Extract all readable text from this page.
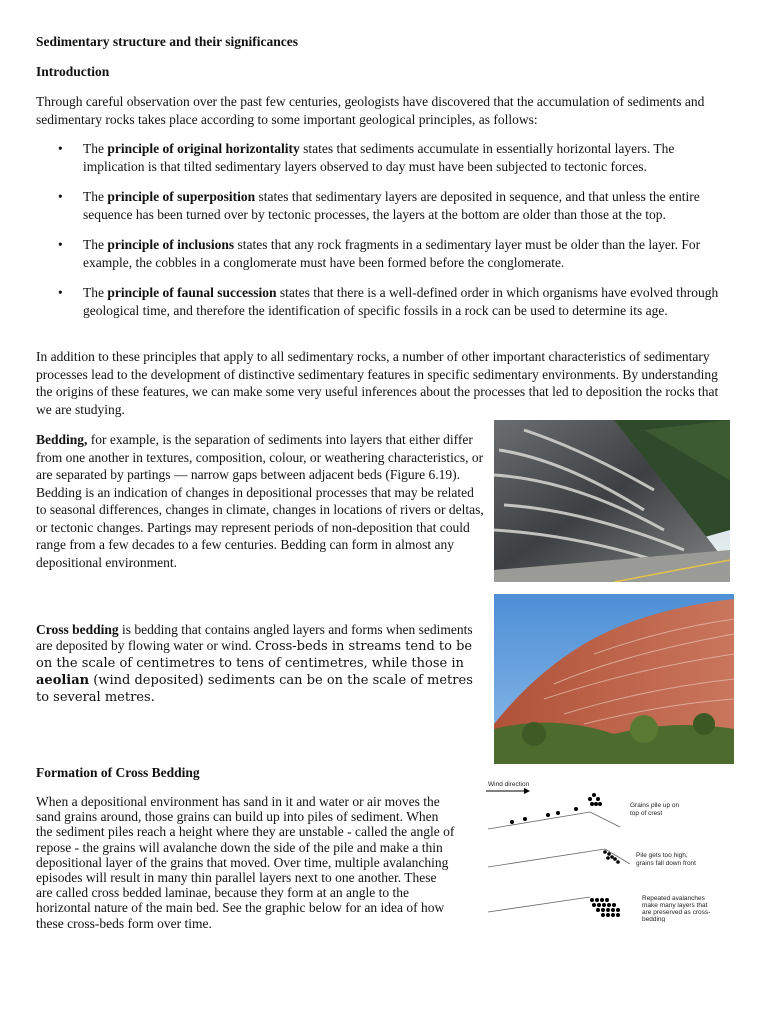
Sedimentary structure and their significances
Introduction
Through careful observation over the past few centuries, geologists have discovered that the accumulation of sediments and sedimentary rocks takes place according to some important geological principles, as follows:
• The principle of original horizontality states that sediments accumulate in essentially horizontal layers. The implication is that tilted sedimentary layers observed to day must have been subjected to tectonic forces.
• The principle of superposition states that sedimentary layers are deposited in sequence, and that unless the entire sequence has been turned over by tectonic processes, the layers at the bottom are older than those at the top.
• The principle of inclusions states that any rock fragments in a sedimentary layer must be older than the layer. For example, the cobbles in a conglomerate must have been formed before the conglomerate.
• The principle of faunal succession states that there is a well-defined order in which organisms have evolved through geological time, and therefore the identification of specific fossils in a rock can be used to determine its age.
In addition to these principles that apply to all sedimentary rocks, a number of other important characteristics of sedimentary processes lead to the development of distinctive sedimentary features in specific sedimentary environments. By understanding the origins of these features, we can make some very useful inferences about the processes that led to deposition the rocks that we are studying.
Bedding, for example, is the separation of sediments into layers that either differ from one another in textures, composition, colour, or weathering characteristics, or are separated by partings — narrow gaps between adjacent beds (Figure 6.19). Bedding is an indication of changes in depositional processes that may be related to seasonal differences, changes in climate, changes in locations of rivers or deltas, or tectonic changes. Partings may represent periods of non-deposition that could range from a few decades to a few centuries. Bedding can form in almost any depositional environment.
Cross bedding is bedding that contains angled layers and forms when sediments are deposited by flowing water or wind. Cross-beds in streams tend to be on the scale of centimetres to tens of centimetres, while those in aeolian (wind deposited) sediments can be on the scale of metres to several metres.
Formation of Cross Bedding
When a depositional environment has sand in it and water or air moves the sand grains around, those grains can build up into piles of sediment. When the sediment piles reach a height where they are unstable - called the angle of repose - the grains will avalanche down the side of the pile and make a thin depositional layer of the grains that moved. Over time, multiple avalanching episodes will result in many thin parallel layers next to one another. These are called cross bedded laminae, because they form at an angle to the horizontal nature of the main bed. See the graphic below for an idea of how these cross-beds form over time.
Wind direction
Grains pile up on
top of crest
Pile gets too high,
grains fall down front
Repeated avalanches
make many layers that
are preserved as cross-
bedding
